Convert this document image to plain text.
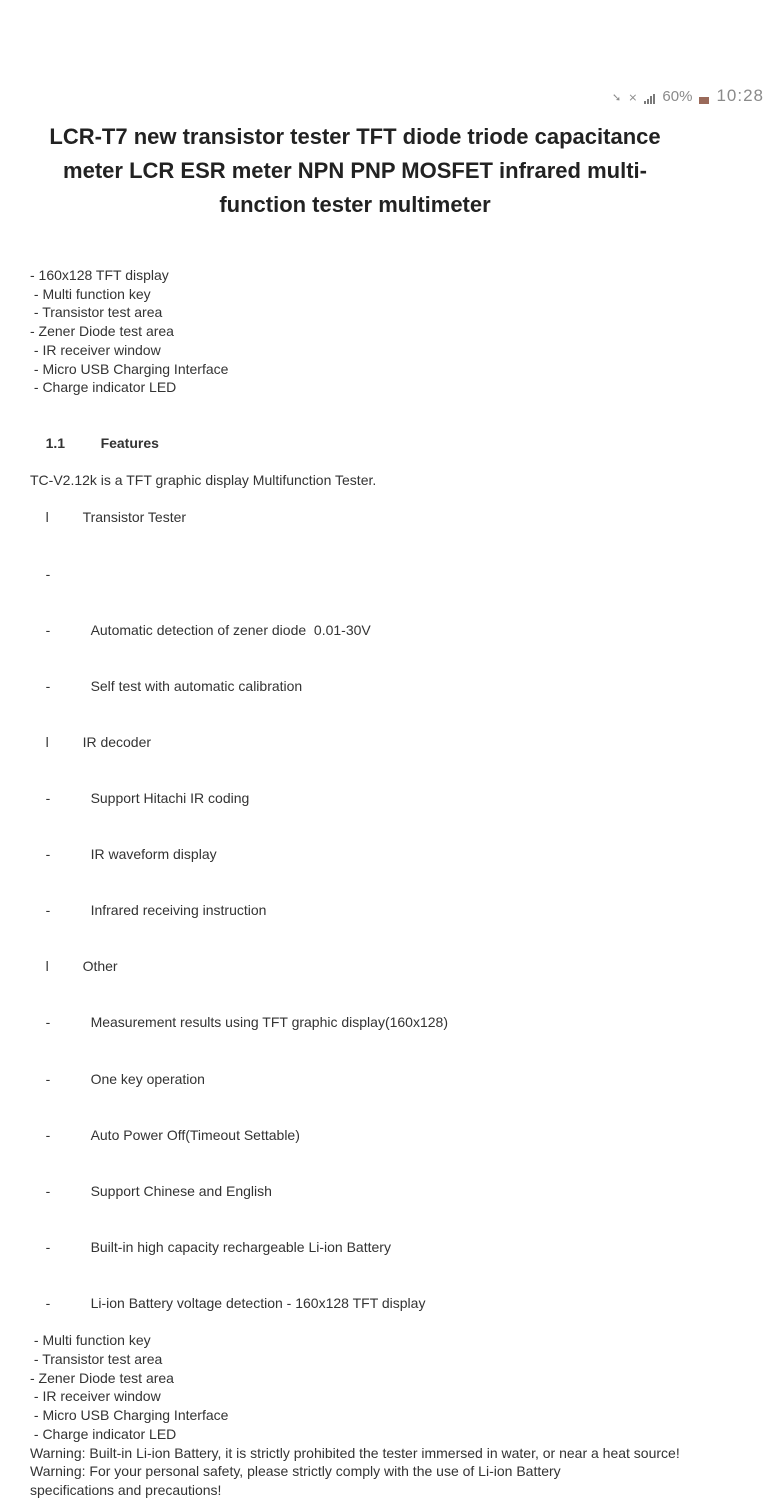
➘ ⨯ 60% 10:28
LCR-T7 new transistor tester TFT diode triode capacitance meter LCR ESR meter NPN PNP MOSFET infrared multi-function tester multimeter
- 160x128 TFT display
- Multi function key
- Transistor test area
- Zener Diode test area
- IR receiver window
- Micro USB Charging Interface
- Charge indicator LED

1.1	Features

TC-V2.12k is a TFT graphic display Multifunction Tester.

l Transistor Tester

-

-	Automatic detection of zener diode  0.01-30V

-	Self test with automatic calibration

l IR decoder

-	Support Hitachi IR coding

-	IR waveform display

-	Infrared receiving instruction

l Other

-	Measurement results using TFT graphic display(160x128)

-	One key operation

-	Auto Power Off(Timeout Settable)

-	Support Chinese and English

-	Built-in high capacity rechargeable Li-ion Battery

-	Li-ion Battery voltage detection - 160x128 TFT display

- Multi function key
- Transistor test area
- Zener Diode test area
- IR receiver window
- Micro USB Charging Interface
- Charge indicator LED
Warning: Built-in Li-ion Battery, it is strictly prohibited the tester immersed in water, or near a heat source!
Warning: For your personal safety, please strictly comply with the use of Li-ion Battery specifications and precautions!
